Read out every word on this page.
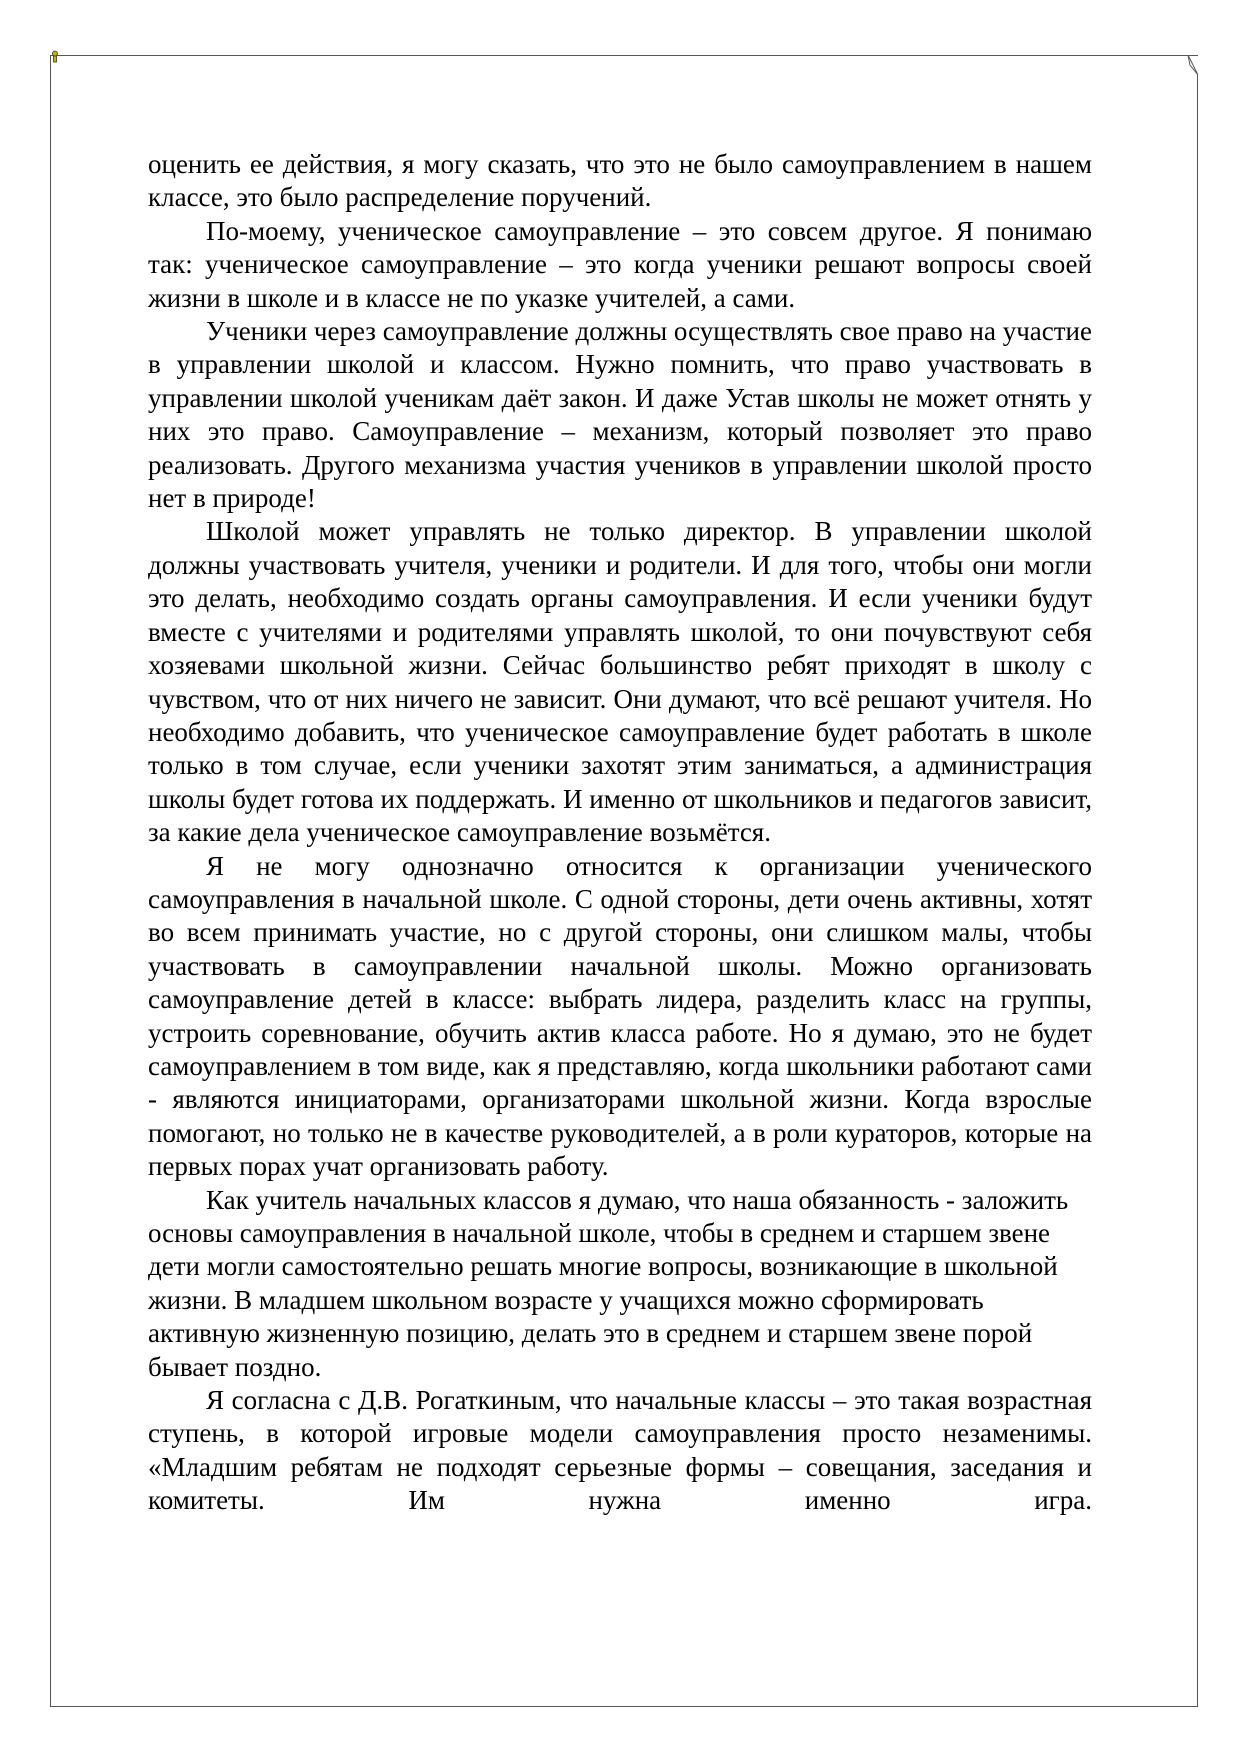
оценить ее действия, я могу сказать, что это не было самоуправлением в нашем классе, это было распределение поручений.

По-моему, ученическое самоуправление – это совсем другое. Я понимаю так: ученическое самоуправление – это когда ученики решают вопросы своей жизни в школе и в классе не по указке учителей, а сами.

Ученики через самоуправление должны осуществлять свое право на участие в управлении школой и классом. Нужно помнить, что право участвовать в управлении школой ученикам даёт закон. И даже Устав школы не может отнять у них это право. Самоуправление – механизм, который позволяет это право реализовать. Другого механизма участия учеников в управлении школой просто нет в природе!

Школой может управлять не только директор. В управлении школой должны участвовать учителя, ученики и родители. И для того, чтобы они могли это делать, необходимо создать органы самоуправления. И если ученики будут вместе с учителями и родителями управлять школой, то они почувствуют себя хозяевами школьной жизни. Сейчас большинство ребят приходят в школу с чувством, что от них ничего не зависит. Они думают, что всё решают учителя. Но необходимо добавить, что ученическое самоуправление будет работать в школе только в том случае, если ученики захотят этим заниматься, а администрация школы будет готова их поддержать. И именно от школьников и педагогов зависит, за какие дела ученическое самоуправление возьмётся.

Я не могу однозначно относится к организации ученического самоуправления в начальной школе. С одной стороны, дети очень активны, хотят во всем принимать участие, но с другой стороны, они слишком малы, чтобы участвовать в самоуправлении начальной школы. Можно организовать самоуправление детей в классе: выбрать лидера, разделить класс на группы, устроить соревнование, обучить актив класса работе. Но я думаю, это не будет самоуправлением в том виде, как я представляю, когда школьники работают сами - являются инициаторами, организаторами школьной жизни. Когда взрослые помогают, но только не в качестве руководителей, а в роли кураторов, которые на первых порах учат организовать работу.

Как учитель начальных классов я думаю, что наша обязанность - заложить основы самоуправления в начальной школе, чтобы в среднем и старшем звене дети могли самостоятельно решать многие вопросы, возникающие в школьной жизни. В младшем школьном возрасте у учащихся можно сформировать активную жизненную позицию, делать это в среднем и старшем звене порой бывает поздно.

Я согласна с Д.В. Рогаткиным, что начальные классы – это такая возрастная ступень, в которой игровые модели самоуправления просто незаменимы. «Младшим ребятам не подходят серьезные формы – совещания, заседания и комитеты. Им нужна именно игра.
